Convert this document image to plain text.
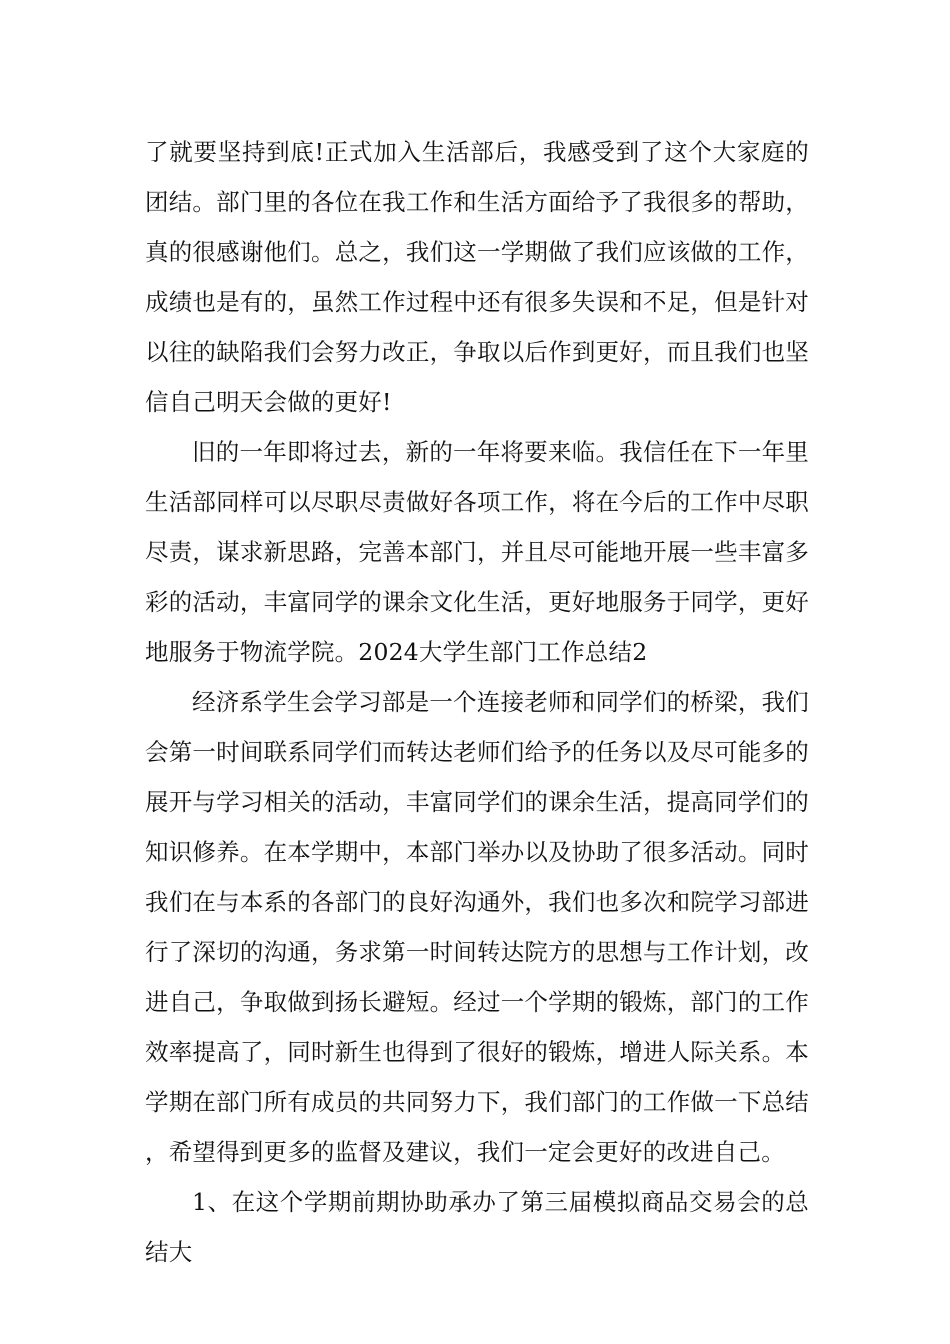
了就要坚持到底!正式加入生活部后，我感受到了这个大家庭的团结。部门里的各位在我工作和生活方面给予了我很多的帮助，真的很感谢他们。总之，我们这一学期做了我们应该做的工作，成绩也是有的，虽然工作过程中还有很多失误和不足，但是针对以往的缺陷我们会努力改正，争取以后作到更好，而且我们也坚信自己明天会做的更好!

旧的一年即将过去，新的一年将要来临。我信任在下一年里生活部同样可以尽职尽责做好各项工作，将在今后的工作中尽职尽责，谋求新思路，完善本部门，并且尽可能地开展一些丰富多彩的活动，丰富同学的课余文化生活，更好地服务于同学，更好地服务于物流学院。2024大学生部门工作总结2

经济系学生会学习部是一个连接老师和同学们的桥梁，我们会第一时间联系同学们而转达老师们给予的任务以及尽可能多的展开与学习相关的活动，丰富同学们的课余生活，提高同学们的知识修养。在本学期中，本部门举办以及协助了很多活动。同时我们在与本系的各部门的良好沟通外，我们也多次和院学习部进行了深切的沟通，务求第一时间转达院方的思想与工作计划，改进自己，争取做到扬长避短。经过一个学期的锻炼，部门的工作效率提高了，同时新生也得到了很好的锻炼，增进人际关系。本学期在部门所有成员的共同努力下，我们部门的工作做一下总结，希望得到更多的监督及建议，我们一定会更好的改进自己。

1、在这个学期前期协助承办了第三届模拟商品交易会的总结大
